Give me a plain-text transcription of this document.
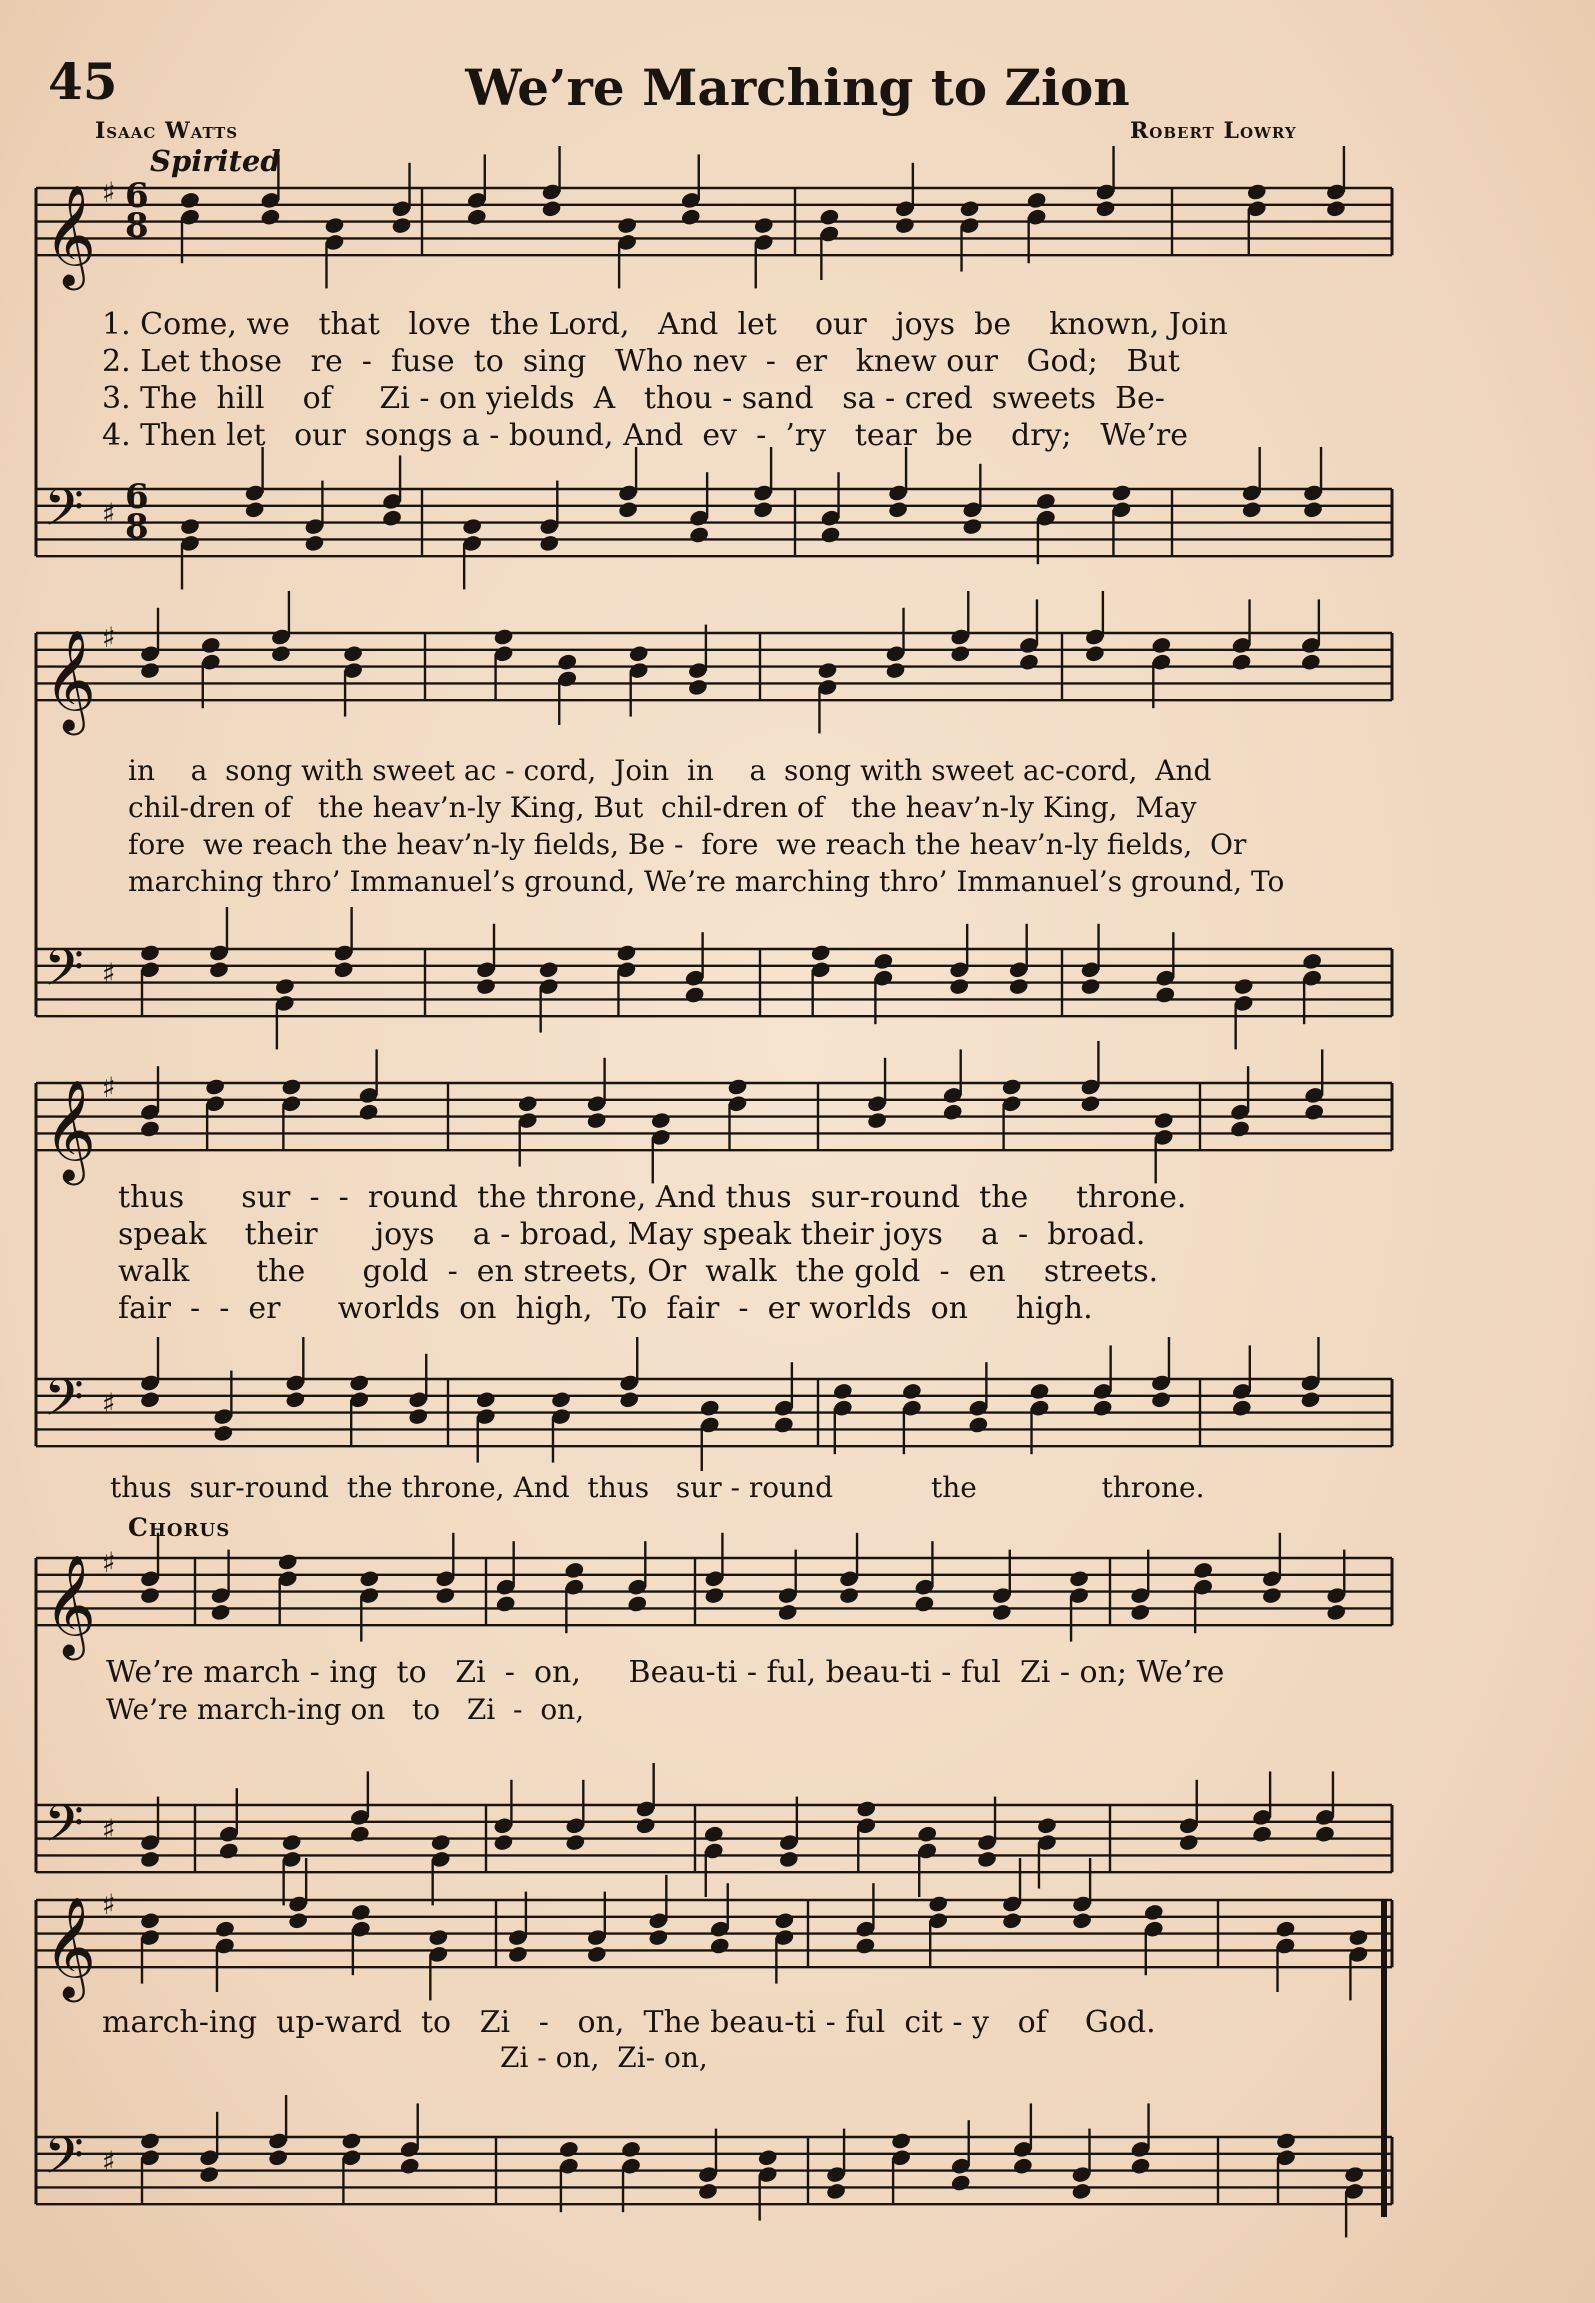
45	We’re Marching to Zion
Isaac Watts	Robert Lowry
Spirited
Chorus
𝄞 ♯
𝄢 ♯
𝄞 ♯
𝄢 ♯
𝄞 ♯
𝄢 ♯
𝄞 ♯
𝄢 ♯
𝄞 ♯
𝄢 ♯
6
6
8
8
1. Come, we   that   love  the Lord,   And  let    our   joys  be    known, Join
2. Let those   re  -  fuse  to  sing   Who nev  -  er   knew our   God;   But
3. The  hill    of     Zi - on yields  A   thou - sand   sa - cred  sweets  Be-
4. Then let   our  songs a - bound, And  ev  -  ’ry   tear  be    dry;   We’re
in    a  song with sweet ac - cord,  Join  in    a  song with sweet ac-cord,  And
chil-dren of   the heav’n-ly King, But  chil-dren of   the heav’n-ly King,  May
fore  we reach the heav’n-ly fields, Be -  fore  we reach the heav’n-ly fields,  Or
marching thro’ Immanuel’s ground, We’re marching thro’ Immanuel’s ground, To
thus      sur  -  -  round  the throne, And thus  sur-round  the     throne.
speak    their      joys    a - broad, May speak their joys    a  -  broad.
walk       the      gold  -  en streets, Or  walk  the gold  -  en    streets.
fair  -  -  er      worlds  on  high,  To  fair  -  er worlds  on     high.
thus  sur-round  the throne, And  thus   sur - round           the              throne.
We’re march - ing  to   Zi  -  on,     Beau-ti - ful, beau-ti - ful  Zi - on; We’re
We’re march-ing on   to   Zi  -  on,
march-ing  up-ward  to   Zi   -   on,  The beau-ti - ful  cit - y   of    God.
Zi - on,  Zi- on,
